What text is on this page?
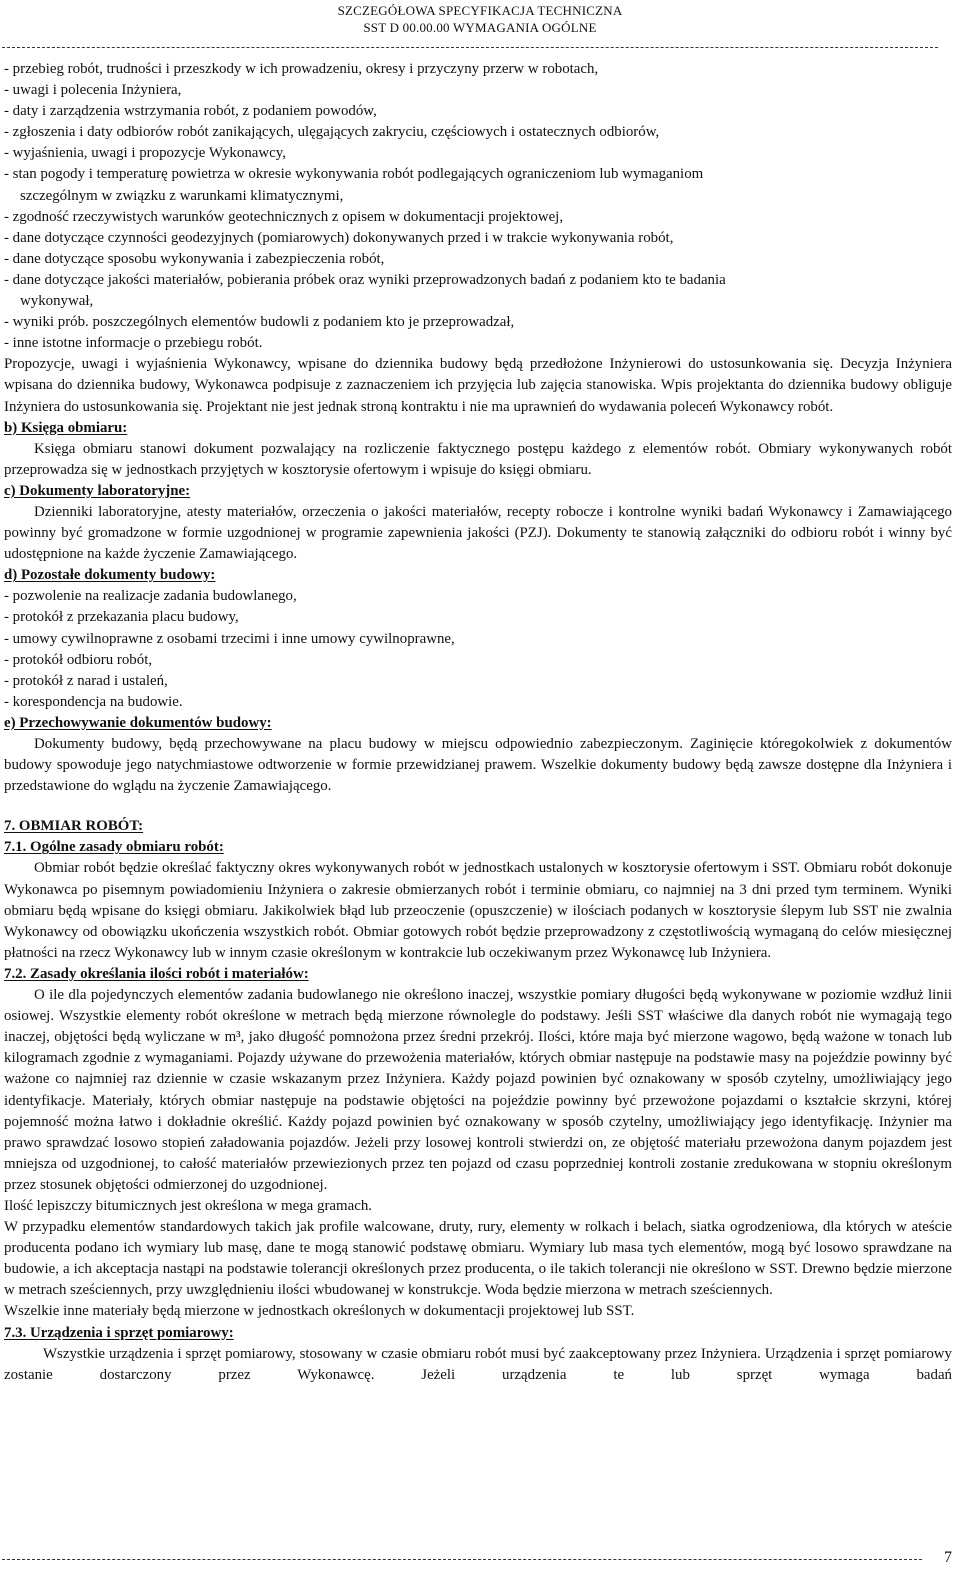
SZCZEGÓŁOWA SPECYFIKACJA TECHNICZNA
SST D 00.00.00 WYMAGANIA OGÓLNE

- przebieg robót, trudności i przeszkody w ich prowadzeniu, okresy i przyczyny przerw w robotach,

- uwagi i polecenia Inżyniera,

- daty i zarządzenia wstrzymania robót, z podaniem powodów,

- zgłoszenia i daty odbiorów robót zanikających, ulęgających zakryciu, częściowych i ostatecznych odbiorów,

- wyjaśnienia, uwagi i propozycje Wykonawcy,

- stan pogody i temperaturę powietrza w okresie wykonywania robót podlegających ograniczeniom lub wymaganiom

szczególnym w związku z warunkami klimatycznymi,

- zgodność rzeczywistych warunków geotechnicznych z opisem w dokumentacji projektowej,

- dane dotyczące czynności geodezyjnych (pomiarowych) dokonywanych przed i w trakcie wykonywania robót,

- dane dotyczące sposobu wykonywania i zabezpieczenia robót,

- dane dotyczące jakości materiałów, pobierania próbek oraz wyniki przeprowadzonych badań z podaniem kto te badania

wykonywał,

- wyniki prób. poszczególnych elementów budowli z podaniem kto je przeprowadzał,

- inne istotne informacje o przebiegu robót.

Propozycje, uwagi i wyjaśnienia Wykonawcy, wpisane do dziennika budowy będą przedłożone Inżynierowi do ustosunkowania się. Decyzja Inżyniera wpisana do dziennika budowy, Wykonawca podpisuje z zaznaczeniem ich przyjęcia lub zajęcia stanowiska. Wpis projektanta do dziennika budowy obliguje Inżyniera do ustosunkowania się. Projektant nie jest jednak stroną kontraktu i nie ma uprawnień do wydawania poleceń Wykonawcy robót.

b) Księga obmiaru:

Księga obmiaru stanowi dokument pozwalający na rozliczenie faktycznego postępu każdego z elementów robót. Obmiary wykonywanych robót przeprowadza się w jednostkach przyjętych w kosztorysie ofertowym i wpisuje do księgi obmiaru.

c) Dokumenty laboratoryjne:

Dzienniki laboratoryjne, atesty materiałów, orzeczenia o jakości materiałów, recepty robocze i kontrolne wyniki badań Wykonawcy i Zamawiającego powinny być gromadzone w formie uzgodnionej w programie zapewnienia jakości (PZJ). Dokumenty te stanowią załączniki do odbioru robót i winny być udostępnione na każde życzenie Zamawiającego.

d) Pozostałe dokumenty budowy:

- pozwolenie na realizacje zadania budowlanego,

- protokół z przekazania placu budowy,

- umowy cywilnoprawne z osobami trzecimi i inne umowy cywilnoprawne,

- protokół odbioru robót,

- protokół z narad i ustaleń,

- korespondencja na budowie.

e) Przechowywanie dokumentów budowy:

Dokumenty budowy, będą przechowywane na placu budowy w miejscu odpowiednio zabezpieczonym. Zaginięcie któregokolwiek z dokumentów budowy spowoduje jego natychmiastowe odtworzenie w formie przewidzianej prawem. Wszelkie dokumenty budowy będą zawsze dostępne dla Inżyniera i przedstawione do wglądu na życzenie Zamawiającego.

7. OBMIAR ROBÓT:

7.1. Ogólne zasady obmiaru robót:

Obmiar robót będzie określać faktyczny okres wykonywanych robót w jednostkach ustalonych w kosztorysie ofertowym i SST. Obmiaru robót dokonuje Wykonawca po pisemnym powiadomieniu Inżyniera o zakresie obmierzanych robót i terminie obmiaru, co najmniej na 3 dni przed tym terminem. Wyniki obmiaru będą wpisane do księgi obmiaru. Jakikolwiek błąd lub przeoczenie (opuszczenie) w ilościach podanych w kosztorysie ślepym lub SST nie zwalnia Wykonawcy od obowiązku ukończenia wszystkich robót. Obmiar gotowych robót będzie przeprowadzony z częstotliwością wymaganą do celów miesięcznej płatności na rzecz Wykonawcy lub w innym czasie określonym w kontrakcie lub oczekiwanym przez Wykonawcę lub Inżyniera.

7.2. Zasady określania ilości robót i materiałów:

O ile dla pojedynczych elementów zadania budowlanego nie określono inaczej, wszystkie pomiary długości będą wykonywane w poziomie wzdłuż linii osiowej. Wszystkie elementy robót określone w metrach będą mierzone równolegle do podstawy. Jeśli SST właściwe dla danych robót nie wymagają tego inaczej, objętości będą wyliczane w m³, jako długość pomnożona przez średni przekrój. Ilości, które maja być mierzone wagowo, będą ważone w tonach lub kilogramach zgodnie z wymaganiami. Pojazdy używane do przewożenia materiałów, których obmiar następuje na podstawie masy na pojeździe powinny być ważone co najmniej raz dziennie w czasie wskazanym przez Inżyniera. Każdy pojazd powinien być oznakowany w sposób czytelny, umożliwiający jego identyfikacje. Materiały, których obmiar następuje na podstawie objętości na pojeździe powinny być przewożone pojazdami o kształcie skrzyni, której pojemność można łatwo i dokładnie określić. Każdy pojazd powinien być oznakowany w sposób czytelny, umożliwiający jego identyfikację. Inżynier ma prawo sprawdzać losowo stopień załadowania pojazdów. Jeżeli przy losowej kontroli stwierdzi on, ze objętość materiału przewożona danym pojazdem jest mniejsza od uzgodnionej, to całość materiałów przewiezionych przez ten pojazd od czasu poprzedniej kontroli zostanie zredukowana w stopniu określonym przez stosunek objętości odmierzonej do uzgodnionej.

Ilość lepiszczy bitumicznych jest określona w mega gramach.

W przypadku elementów standardowych takich jak profile walcowane, druty, rury, elementy w rolkach i belach, siatka ogrodzeniowa, dla których w ateście producenta podano ich wymiary lub masę, dane te mogą stanowić podstawę obmiaru. Wymiary lub masa tych elementów, mogą być losowo sprawdzane na budowie, a ich akceptacja nastąpi na podstawie tolerancji określonych przez producenta, o ile takich tolerancji nie określono w SST. Drewno będzie mierzone w metrach sześciennych, przy uwzględnieniu ilości wbudowanej w konstrukcje. Woda będzie mierzona w metrach sześciennych.

Wszelkie inne materiały będą mierzone w jednostkach określonych w dokumentacji projektowej lub SST.

7.3. Urządzenia i sprzęt pomiarowy:

Wszystkie urządzenia i sprzęt pomiarowy, stosowany w czasie obmiaru robót musi być zaakceptowany przez Inżyniera. Urządzenia i sprzęt pomiarowy zostanie dostarczony przez Wykonawcę. Jeżeli urządzenia te lub sprzęt wymaga badań

7
